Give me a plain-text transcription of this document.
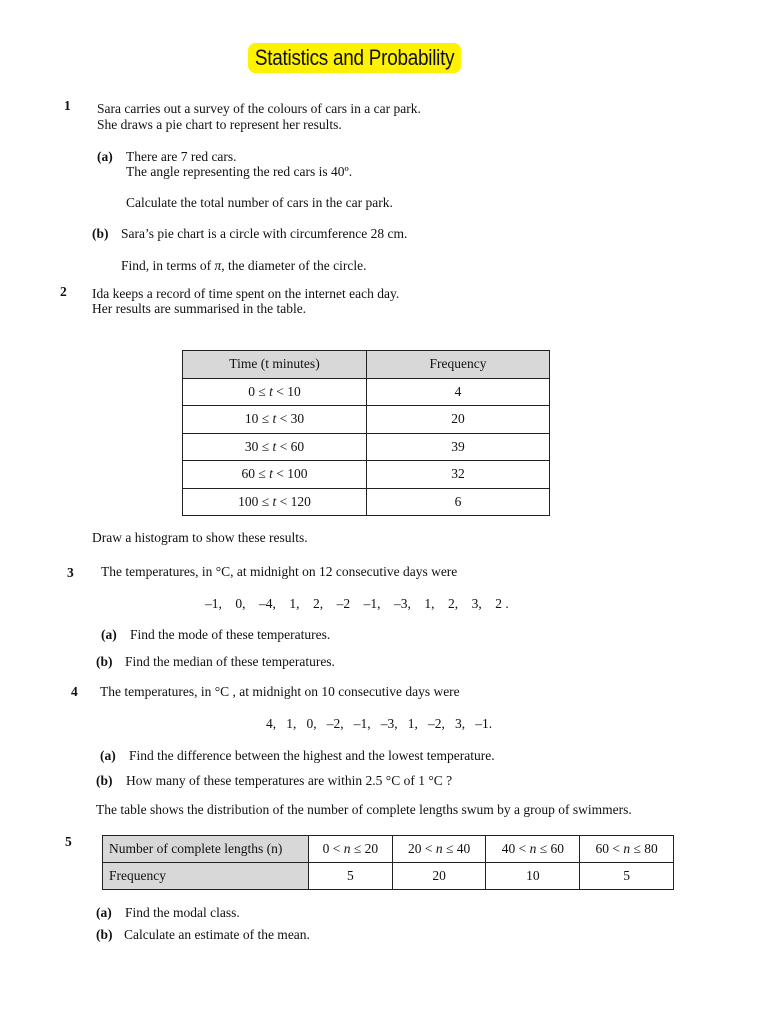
Statistics and Probability
1 Sara carries out a survey of the colours of cars in a car park.
She draws a pie chart to represent her results.
(a) There are 7 red cars.
The angle representing the red cars is 40º.
Calculate the total number of cars in the car park.
(b) Sara’s pie chart is a circle with circumference 28 cm.
Find, in terms of π, the diameter of the circle.
2 Ida keeps a record of time spent on the internet each day.
Her results are summarised in the table.
Time (t minutes)	Frequency
0 ≤ t < 10	4
10 ≤ t < 30	20
30 ≤ t < 60	39
60 ≤ t < 100	32
100 ≤ t < 120	6
Draw a histogram to show these results.
3 The temperatures, in °C, at midnight on 12 consecutive days were
–1,    0,    –4,    1,    2,    –2    –1,    –3,    1,    2,    3,    2 .
(a) Find the mode of these temperatures.
(b) Find the median of these temperatures.
4 The temperatures, in °C , at midnight on 10 consecutive days were
4,   1,   0,   –2,   –1,   –3,   1,   –2,   3,   –1.
(a) Find the difference between the highest and the lowest temperature.
(b) How many of these temperatures are within 2.5 °C of 1 °C ?
The table shows the distribution of the number of complete lengths swum by a group of swimmers.
5	Number of complete lengths (n)	0 < n ≤ 20	20 < n ≤ 40	40 < n ≤ 60	60 < n ≤ 80
Frequency	5	20	10	5
(a) Find the modal class.
(b) Calculate an estimate of the mean.
